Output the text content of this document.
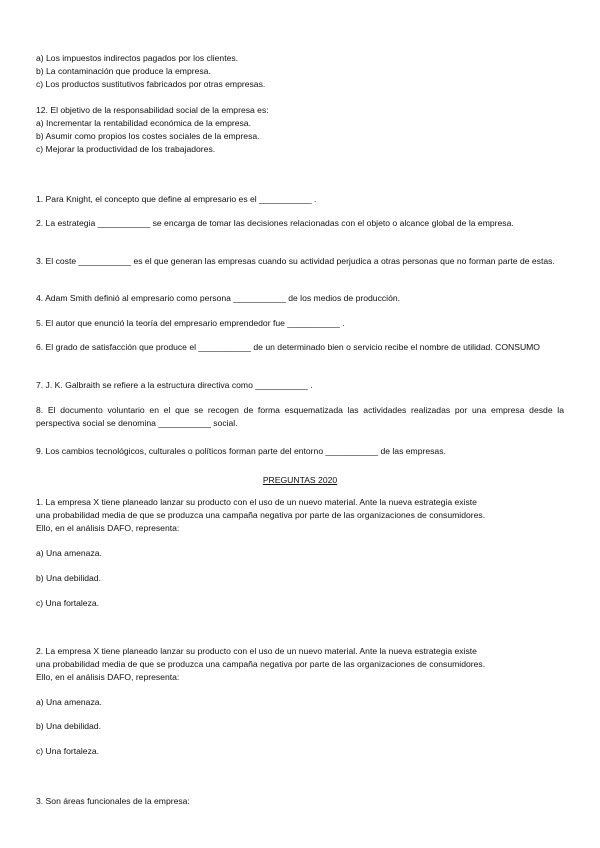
a) Los impuestos indirectos pagados por los clientes.
b) La contaminación que produce la empresa.
c) Los productos sustitutivos fabricados por otras empresas.
12. El objetivo de la responsabilidad social de la empresa es:
a) Incrementar la rentabilidad económica de la empresa.
b) Asumir como propios los costes sociales de la empresa.
c) Mejorar la productividad de los trabajadores.

1. Para Knight, el concepto que define al empresario es el ___________ .

2. La estrategia ___________ se encarga de tomar las decisiones relacionadas con el objeto o alcance global de la empresa.

3. El coste ___________ es el que generan las empresas cuando su actividad perjudica a otras personas que no forman parte de estas.

4. Adam Smith definió al empresario como persona ___________ de los medios de producción.

5. El autor que enunció la teoría del empresario emprendedor fue ___________ .

6. El grado de satisfacción que produce el ___________ de un determinado bien o servicio recibe el nombre de utilidad. CONSUMO

7. J. K. Galbraith se refiere a la estructura directiva como ___________ .

8. El documento voluntario en el que se recogen de forma esquematizada las actividades realizadas por una empresa desde la perspectiva social se denomina ___________ social.

9. Los cambios tecnológicos, culturales o políticos forman parte del entorno ___________ de las empresas.

PREGUNTAS 2020
1. La empresa X tiene planeado lanzar su producto con el uso de un nuevo material. Ante la nueva estrategia existe
una probabilidad media de que se produzca una campaña negativa por parte de las organizaciones de consumidores.
Ello, en el análisis DAFO, representa:
a) Una amenaza.
b) Una debilidad.
c) Una fortaleza.
2. La empresa X tiene planeado lanzar su producto con el uso de un nuevo material. Ante la nueva estrategia existe
una probabilidad media de que se produzca una campaña negativa por parte de las organizaciones de consumidores.
Ello, en el análisis DAFO, representa:
a) Una amenaza.
b) Una debilidad.
c) Una fortaleza.
3. Son áreas funcionales de la empresa:
